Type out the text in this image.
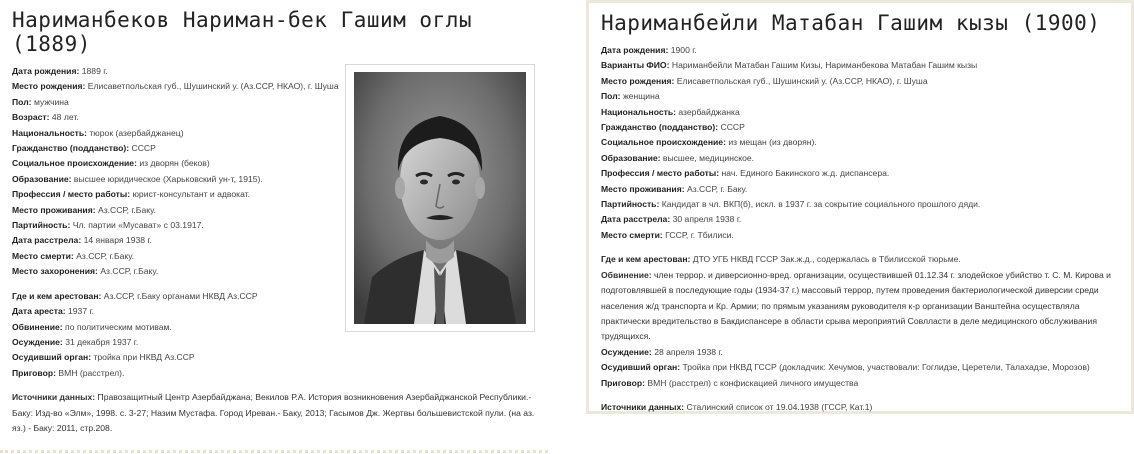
Нариманбеков Нариман-бек Гашим оглы (1889)
Дата рождения: 1889 г.
Место рождения: Елисаветпольская губ., Шушинский у. (Аз.ССР, НКАО), г. Шуша
Пол: мужчина
Возраст: 48 лет.
Национальность: тюрок (азербайджанец)
Гражданство (подданство): СССР
Социальное происхождение: из дворян (беков)
Образование: высшее юридическое (Харьковский ун-т, 1915).
Профессия / место работы: юрист-консультант и адвокат.
Место проживания: Аз.ССР, г.Баку.
Партийность: Чл. партии «Мусават» с 03.1917.
Дата расстрела: 14 января 1938 г.
Место смерти: Аз.ССР, г.Баку.
Место захоронения: Аз.ССР, г.Баку.
Где и кем арестован: Аз.ССР, г.Баку органами НКВД Аз.ССР
Дата ареста: 1937 г.
Обвинение: по политическим мотивам.
Осуждение: 31 декабря 1937 г.
Осудивший орган: тройка при НКВД Аз.ССР
Приговор: ВМН (расстрел).
Источники данных: Правозащитный Центр Азербайджана; Векилов Р.А. История возникновения Азербайджанской Республики.- Баку: Изд-во «Элм», 1998. с. 3-27; Назим Мустафа. Город Иреван.- Баку, 2013; Гасымов Дж. Жертвы большевистской пули. (на аз. яз.) - Баку: 2011, стр.208.
Нариманбейли Матабан Гашим кызы (1900)
Дата рождения: 1900 г.
Варианты ФИО: Нариманбейли Матабан Гашим Кизы, Нариманбекова Матабан Гашим кызы
Место рождения: Елисаветпольская губ., Шушинский у. (Аз.ССР, НКАО), г. Шуша
Пол: женщина
Национальность: азербайджанка
Гражданство (подданство): СССР
Социальное происхождение: из мещан (из дворян).
Образование: высшее, медицинское.
Профессия / место работы: нач. Единого Бакинского ж.д. диспансера.
Место проживания: Аз.ССР, г. Баку.
Партийность: Кандидат в чл. ВКП(б), искл. в 1937 г. за сокрытие социального прошлого дяди.
Дата расстрела: 30 апреля 1938 г.
Место смерти: ГССР, г. Тбилиси.
Где и кем арестован: ДТО УГБ НКВД ГССР Зак.ж.д., содержалась в Тбилисской тюрьме.
Обвинение: член террор. и диверсионно-вред. организации, осуществившей 01.12.34 г. злодейское убийство т. С. М. Кирова и подготовлявшей в последующие годы (1934-37 г.) массовый террор, путем проведения бактериологической диверсии среди населения ж/д транспорта и Кр. Армии; по прямым указаниям руководителя к-р организации Ванштейна осуществляла практически вредительство в Бакдиспансере в области срыва мероприятий Совлласти в деле медицинского обслуживания трудящихся.
Осуждение: 28 апреля 1938 г.
Осудивший орган: Тройка при НКВД ГССР (докладчик: Хечумов, участвовали: Гоглидзе, Церетели, Талахадзе, Морозов)
Приговор: ВМН (расстрел) с конфискацией личного имущества
Источники данных: Сталинский список от 19.04.1938 (ГССР, Кат.1)
